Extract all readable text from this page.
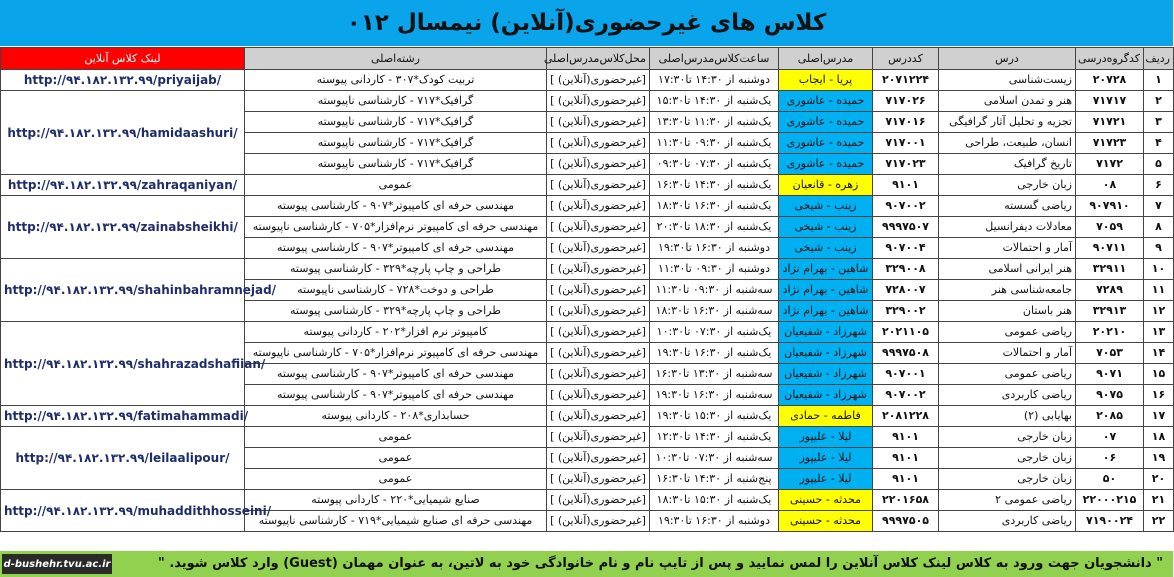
کلاس های غیرحضوری(آنلاین) نیمسال ۰۱۲
ردیف	کدگروه‌درسی	درس	کددرس	مدرس‌اصلی	ساعت‌کلاس‌مدرس‌اصلی	محل‌کلاس‌مدرس‌اصلی	رشته‌اصلی	لینک کلاس آنلاین
۱	۲۰۷۲۸	زیست‌شناسی	۲۰۷۱۲۲۴	پریا - ایجاب	دوشنبه از ۱۴:۳۰ تا۱۷:۳۰	[غیرحضوری(آنلاین) ]	تربیت کودک*۳۰۷ - کاردانی پیوسته	http://۹۴.۱۸۲.۱۳۲.۹۹/priyaijab/
۲	۷۱۷۱۷	هنر و تمدن اسلامی	۷۱۷۰۲۶	حمیده - عاشوری	یک‌شنبه از ۱۴:۳۰ تا۱۵:۳۰	[غیرحضوری(آنلاین) ]	گرافیک*۷۱۷ - کارشناسی ناپیوسته	http://۹۴.۱۸۲.۱۳۲.۹۹/hamidaashuri/
۳	۷۱۷۲۱	تجزیه و تحلیل آثار گرافیگی	۷۱۷۰۱۶	حمیده - عاشوری	یک‌شنبه از ۱۱:۳۰ تا۱۳:۳۰	[غیرحضوری(آنلاین) ]	گرافیک*۷۱۷ - کارشناسی ناپیوسته	
۴	۷۱۷۲۳	انسان، طبیعت، طراحی	۷۱۷۰۰۱	حمیده - عاشوری	یک‌شنبه از ۰۹:۳۰ تا۱۱:۳۰	[غیرحضوری(آنلاین) ]	گرافیک*۷۱۷ - کارشناسی ناپیوسته	
۵	۷۱۷۲	تاریخ گرافیک	۷۱۷۰۲۳	حمیده - عاشوری	یک‌شنبه از ۰۷:۳۰ تا۰۹:۳۰	[غیرحضوری(آنلاین) ]	گرافیک*۷۱۷ - کارشناسی ناپیوسته	
۶	۰۸	زبان خارجی	۹۱۰۱	زهره - قانعیان	یک‌شنبه از ۱۴:۳۰ تا۱۶:۳۰	[غیرحضوری(آنلاین) ]	عمومی	http://۹۴.۱۸۲.۱۳۲.۹۹/zahraqaniyan/
۷	۹۰۷۹۱۰	ریاضی گسسته	۹۰۷۰۰۲	زینب - شیخی	یک‌شنبه از ۱۶:۳۰ تا۱۸:۳۰	[غیرحضوری(آنلاین) ]	مهندسی حرفه ای کامپیوتر*۹۰۷ - کارشناسی پیوسته	http://۹۴.۱۸۲.۱۳۲.۹۹/zainabsheikhi/
۸	۷۰۵۹	معادلات دیفرانسیل	۹۹۹۷۵۰۷	زینب - شیخی	یک‌شنبه از ۱۸:۳۰ تا۲۰:۳۰	[غیرحضوری(آنلاین) ]	مهندسی حرفه ای کامپیوتر نرم‌افزار*۷۰۵ - کارشناسی ناپیوسته	
۹	۹۰۷۱۱	آمار و احتمالات	۹۰۷۰۰۴	زینب - شیخی	دوشنبه از ۱۶:۳۰ تا۱۹:۳۰	[غیرحضوری(آنلاین) ]	مهندسی حرفه ای کامپیوتر*۹۰۷ - کارشناسی پیوسته	
۱۰	۳۲۹۱۱	هنر ایرانی اسلامی	۳۲۹۰۰۸	شاهین - بهرام نژاد	دوشنبه از ۰۹:۳۰ تا۱۱:۳۰	[غیرحضوری(آنلاین) ]	طراحی و چاپ پارچه*۳۲۹ - کارشناسی پیوسته	http://۹۴.۱۸۲.۱۳۲.۹۹/shahinbahramnejad/
۱۱	۷۲۸۹	جامعه‌شناسی هنر	۷۲۸۰۰۷	شاهین - بهرام نژاد	سه‌شنبه از ۰۹:۳۰ تا۱۱:۳۰	[غیرحضوری(آنلاین) ]	طراحی و دوخت*۷۲۸ - کارشناسی ناپیوسته	
۱۲	۳۲۹۱۳	هنر باستان	۳۲۹۰۰۲	شاهین - بهرام نژاد	سه‌شنبه از ۱۶:۳۰ تا۱۸:۳۰	[غیرحضوری(آنلاین) ]	طراحی و چاپ پارچه*۳۲۹ - کارشناسی پیوسته	
۱۳	۲۰۲۱۰	ریاضی عمومی	۲۰۲۱۱۰۵	شهرزاد - شفیعیان	یک‌شنبه از ۰۷:۳۰ تا۱۰:۳۰	[غیرحضوری(آنلاین) ]	کامپیوتر نرم افزار*۲۰۲ - کاردانی پیوسته	http://۹۴.۱۸۲.۱۳۲.۹۹/shahrazadshafiian/
۱۴	۷۰۵۳	آمار و احتمالات	۹۹۹۷۵۰۸	شهرزاد - شفیعیان	یک‌شنبه از ۱۶:۳۰ تا۱۹:۳۰	[غیرحضوری(آنلاین) ]	مهندسی حرفه ای کامپیوتر نرم‌افزار*۷۰۵ - کارشناسی ناپیوسته	
۱۵	۹۰۷۱	ریاضی عمومی	۹۰۷۰۰۱	شهرزاد - شفیعیان	سه‌شنبه از ۱۳:۳۰ تا۱۶:۳۰	[غیرحضوری(آنلاین) ]	مهندسی حرفه ای کامپیوتر*۹۰۷ - کارشناسی پیوسته	
۱۶	۹۰۷۵	ریاضی کاربردی	۹۰۷۰۰۲	شهرزاد - شفیعیان	سه‌شنبه از ۱۶:۳۰ تا۱۹:۳۰	[غیرحضوری(آنلاین) ]	مهندسی حرفه ای کامپیوتر*۹۰۷ - کارشناسی پیوسته	
۱۷	۲۰۸۵	بهایابی (۲)	۲۰۸۱۲۲۸	فاطمه - حمادی	یک‌شنبه از ۱۵:۳۰ تا۱۹:۳۰	[غیرحضوری(آنلاین) ]	حسابداری*۲۰۸ - کاردانی پیوسته	http://۹۴.۱۸۲.۱۳۲.۹۹/fatimahammadi/
۱۸	۰۷	زبان خارجی	۹۱۰۱	لیلا - علیپور	یک‌شنبه از ۱۴:۳۰ تا۱۲:۳۰	[غیرحضوری(آنلاین) ]	عمومی	http://۹۴.۱۸۲.۱۳۲.۹۹/leilaalipour/
۱۹	۰۶	زبان خارجی	۹۱۰۱	لیلا - علیپور	سه‌شنبه از ۰۷:۳۰ تا۱۰:۳۰	[غیرحضوری(آنلاین) ]	عمومی	
۲۰	۵۰	زبان خارجی	۹۱۰۱	لیلا - علیپور	پنج‌شنبه از ۱۴:۳۰ تا۱۶:۳۰	[غیرحضوری(آنلاین) ]	عمومی	
۲۱	۲۲۰۰۰۲۱۵	ریاضی عمومی ۲	۲۲۰۱۶۵۸	محدثه - حسینی	یک‌شنبه از ۱۵:۳۰ تا۱۸:۳۰	[غیرحضوری(آنلاین) ]	صنایع شیمیایی*۲۲۰ - کاردانی پیوسته	http://۹۴.۱۸۲.۱۳۲.۹۹/muhaddithhosseini/
۲۲	۷۱۹۰۰۲۴	ریاضی کاربردی	۹۹۹۷۵۰۵	محدثه - حسینی	دوشنبه از ۱۶:۳۰ تا۱۹:۳۰	[غیرحضوری(آنلاین) ]	مهندسی حرفه ای صنایع شیمیایی*۷۱۹ - کارشناسی ناپیوسته	
d-bushehr.tvu.ac.ir	" دانشجویان جهت ورود به کلاس لینک کلاس آنلاین را لمس نمایید و پس از تایپ نام و نام خانوادگی خود به لاتین، به عنوان مهمان (Guest) وارد کلاس شوید. "
